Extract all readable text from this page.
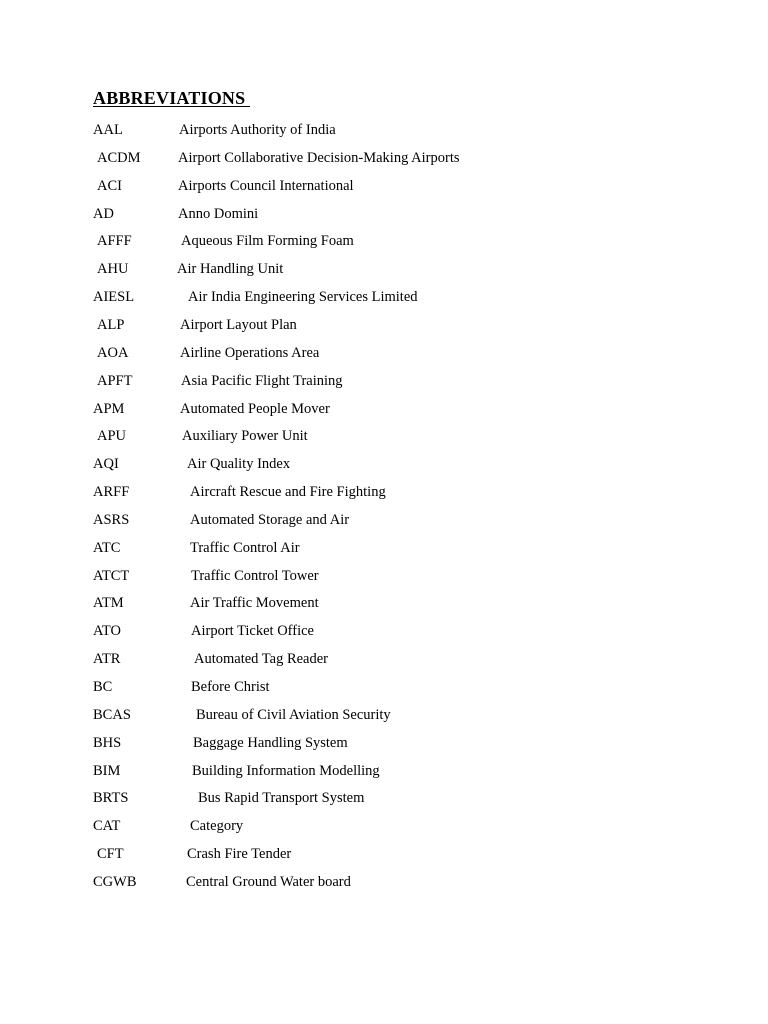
ABBREVIATIONS
AAL	Airports Authority of India
ACDM	Airport Collaborative Decision-Making Airports
ACI	Airports Council International
AD	Anno Domini
AFFF	Aqueous Film Forming Foam
AHU	Air Handling Unit
AIESL	Air India Engineering Services Limited
ALP	Airport Layout Plan
AOA	Airline Operations Area
APFT	Asia Pacific Flight Training
APM	Automated People Mover
APU	Auxiliary Power Unit
AQI	Air Quality Index
ARFF	Aircraft Rescue and Fire Fighting
ASRS	Automated Storage and Air
ATC	Traffic Control Air
ATCT	Traffic Control Tower
ATM	Air Traffic Movement
ATO	Airport Ticket Office
ATR	Automated Tag Reader
BC	Before Christ
BCAS	Bureau of Civil Aviation Security
BHS	Baggage Handling System
BIM	Building Information Modelling
BRTS	Bus Rapid Transport System
CAT	Category
CFT	Crash Fire Tender
CGWB	Central Ground Water board
